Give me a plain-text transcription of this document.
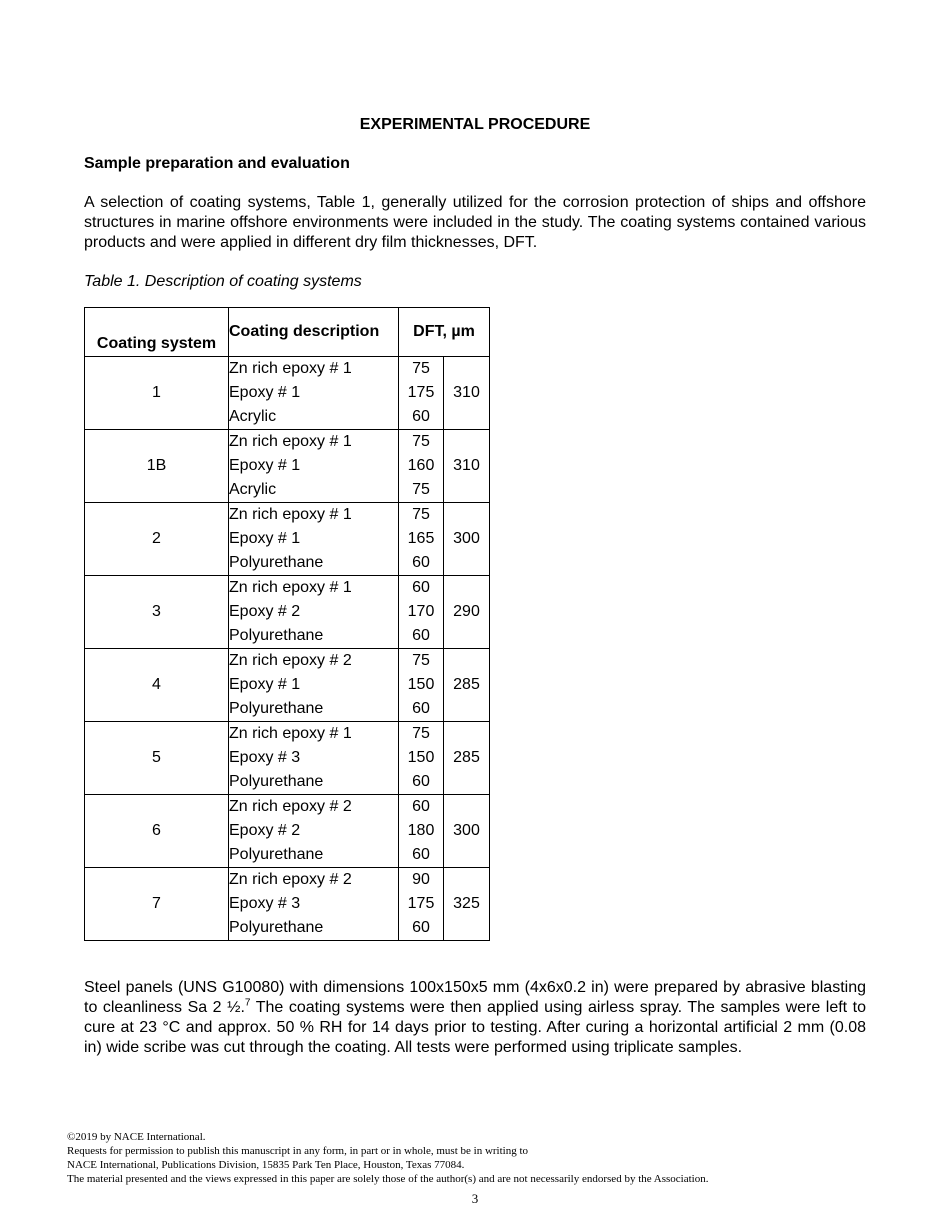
EXPERIMENTAL PROCEDURE
Sample preparation and evaluation

A selection of coating systems, Table 1, generally utilized for the corrosion protection of ships and offshore structures in marine offshore environments were included in the study. The coating systems contained various products and were applied in different dry film thicknesses, DFT.

Table 1. Description of coating systems
Coating system	Coating description	DFT, µm	
1	Zn rich epoxy # 1
Epoxy # 1
Acrylic	75
175
60	310
1B	Zn rich epoxy # 1
Epoxy # 1
Acrylic	75
160
75	310
2	Zn rich epoxy # 1
Epoxy # 1
Polyurethane	75
165
60	300
3	Zn rich epoxy # 1
Epoxy # 2
Polyurethane	60
170
60	290
4	Zn rich epoxy # 2
Epoxy # 1
Polyurethane	75
150
60	285
5	Zn rich epoxy # 1
Epoxy # 3
Polyurethane	75
150
60	285
6	Zn rich epoxy # 2
Epoxy # 2
Polyurethane	60
180
60	300
7	Zn rich epoxy # 2
Epoxy # 3
Polyurethane	90
175
60	325

Steel panels (UNS G10080) with dimensions 100x150x5 mm (4x6x0.2 in) were prepared by abrasive blasting to cleanliness Sa 2 ½.$^7$ The coating systems were then applied using airless spray. The samples were left to cure at 23 °C and approx. 50 % RH for 14 days prior to testing. After curing a horizontal artificial 2 mm (0.08 in) wide scribe was cut through the coating. All tests were performed using triplicate samples.

©2019 by NACE International.
Requests for permission to publish this manuscript in any form, in part or in whole, must be in writing to
NACE International, Publications Division, 15835 Park Ten Place, Houston, Texas 77084.
The material presented and the views expressed in this paper are solely those of the author(s) and are not necessarily endorsed by the Association.
3
